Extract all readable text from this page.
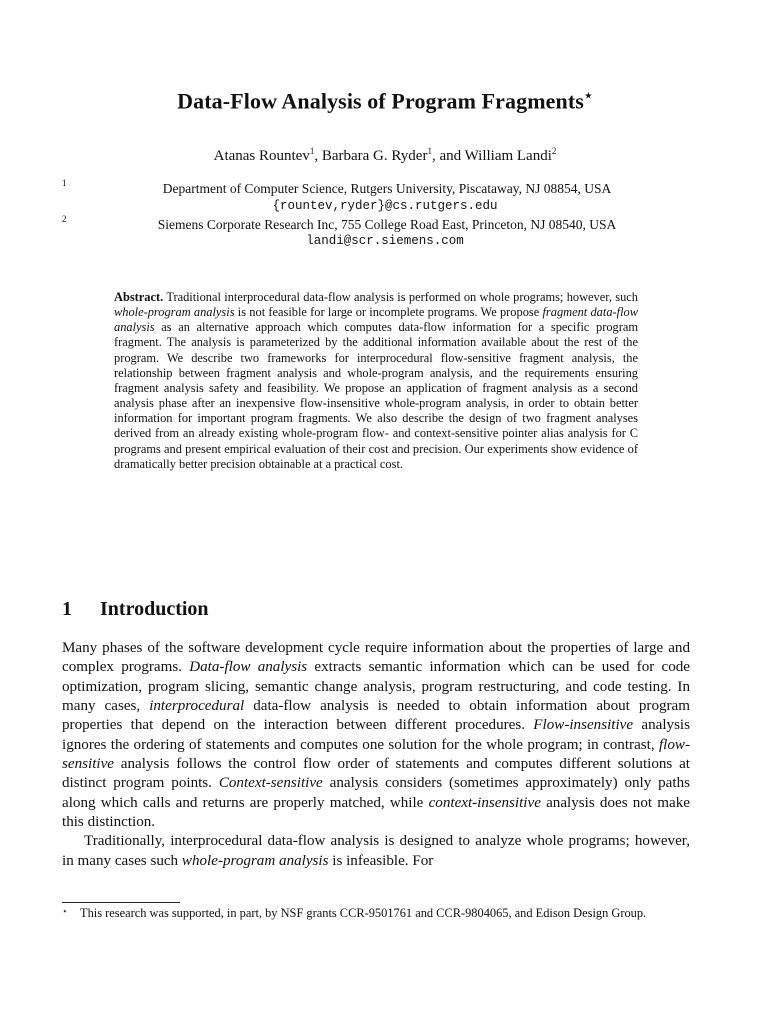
Data-Flow Analysis of Program Fragments⋆
Atanas Rountev$^1$, Barbara G. Ryder$^1$, and William Landi$^2$
1	Department of Computer Science, Rutgers University, Piscataway, NJ 08854, USA
{rountev,ryder}@cs.rutgers.edu
2	Siemens Corporate Research Inc, 755 College Road East, Princeton, NJ 08540, USA
landi@scr.siemens.com
Abstract. Traditional interprocedural data-flow analysis is performed on whole programs; however, such whole-program analysis is not feasible for large or incomplete programs. We propose fragment data-flow analysis as an alternative approach which computes data-flow information for a specific program fragment. The analysis is parameterized by the additional information available about the rest of the program. We describe two frameworks for interprocedural flow-sensitive fragment analysis, the relationship between fragment analysis and whole-program analysis, and the requirements ensuring fragment analysis safety and feasibility. We propose an application of fragment analysis as a second analysis phase after an inexpensive flow-insensitive whole-program analysis, in order to obtain better information for important program fragments. We also describe the design of two fragment analyses derived from an already existing whole-program flow- and context-sensitive pointer alias analysis for C programs and present empirical evaluation of their cost and precision. Our experiments show evidence of dramatically better precision obtainable at a practical cost.
1 Introduction

Many phases of the software development cycle require information about the properties of large and complex programs. Data-flow analysis extracts semantic information which can be used for code optimization, program slicing, semantic change analysis, program restructuring, and code testing. In many cases, interprocedural data-flow analysis is needed to obtain information about program properties that depend on the interaction between different procedures. Flow-insensitive analysis ignores the ordering of statements and computes one solution for the whole program; in contrast, flow-sensitive analysis follows the control flow order of statements and computes different solutions at distinct program points. Context-sensitive analysis considers (sometimes approximately) only paths along which calls and returns are properly matched, while context-insensitive analysis does not make this distinction.

Traditionally, interprocedural data-flow analysis is designed to analyze whole programs; however, in many cases such whole-program analysis is infeasible. For

⋆ This research was supported, in part, by NSF grants CCR-9501761 and CCR-9804065, and Edison Design Group.
